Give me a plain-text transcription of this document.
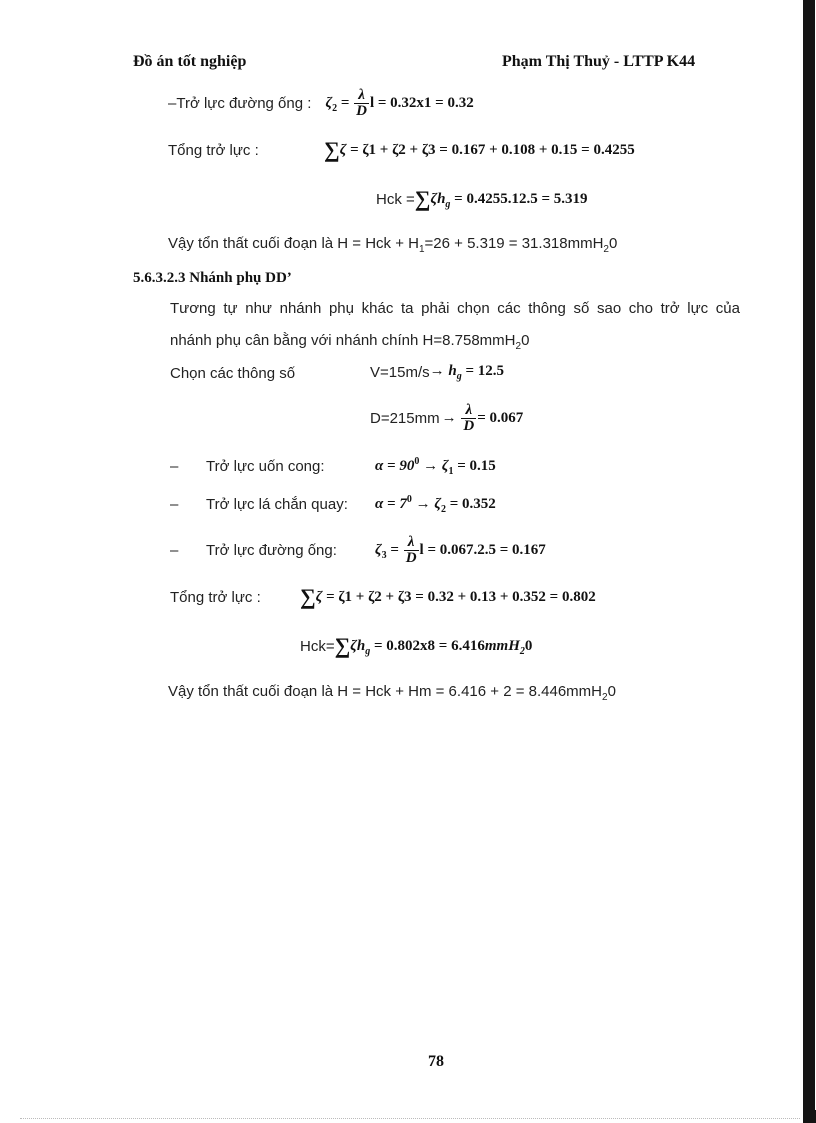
Đồ án tốt nghiệp	Phạm Thị Thuỷ - LTTP K44
–Trở lực đường ống : $\zeta_2 = \frac{\lambda}{D}$ l = 0.32x1 = 0.32
Tổng trở lực :	∑ζ = ζ1 + ζ2 + ζ3 = 0.167 + 0.108 + 0.15 = 0.4255
Hck = $\sum\zeta h_g = 0.4255.12.5 = 5.319$
Vậy tổn thất cuối đoạn là H = Hck + $H_1=26 + 5.319 = 31.318mmH_20$
5.6.3.2.3 Nhánh phụ DD’
Tương tự như nhánh phụ khác ta phải chọn các thông số sao cho trở lực của
nhánh phụ cân bằng với nhánh chính H=8.758mmH$_2$0
Chọn các thông số	$V=15m/s \to h_g = 12.5$
$D=215mm \to \frac{\lambda}{D} = 0.067$
–	Trở lực uốn cong:	$\alpha = 90^0 \to \zeta_1 = 0.15$
–	Trở lực lá chắn quay: $\alpha = 7^0 \to \zeta_2 = 0.352$
–	Trở lực đường ống:	$\zeta_3 = \frac{\lambda}{D}$ l = 0.067.2.5 = 0.167
Tổng trở lực : ∑ζ = ζ1 + ζ2 + ζ3 = 0.32 + 0.13 + 0.352 = 0.802
$Hck= \sum\zeta h_g = 0.802x8 = 6.416mmH_20$
Vậy tổn thất cuối đoạn là H = Hck + Hm = 6.416 + 2 = 8.446mmH$_2$0
78
